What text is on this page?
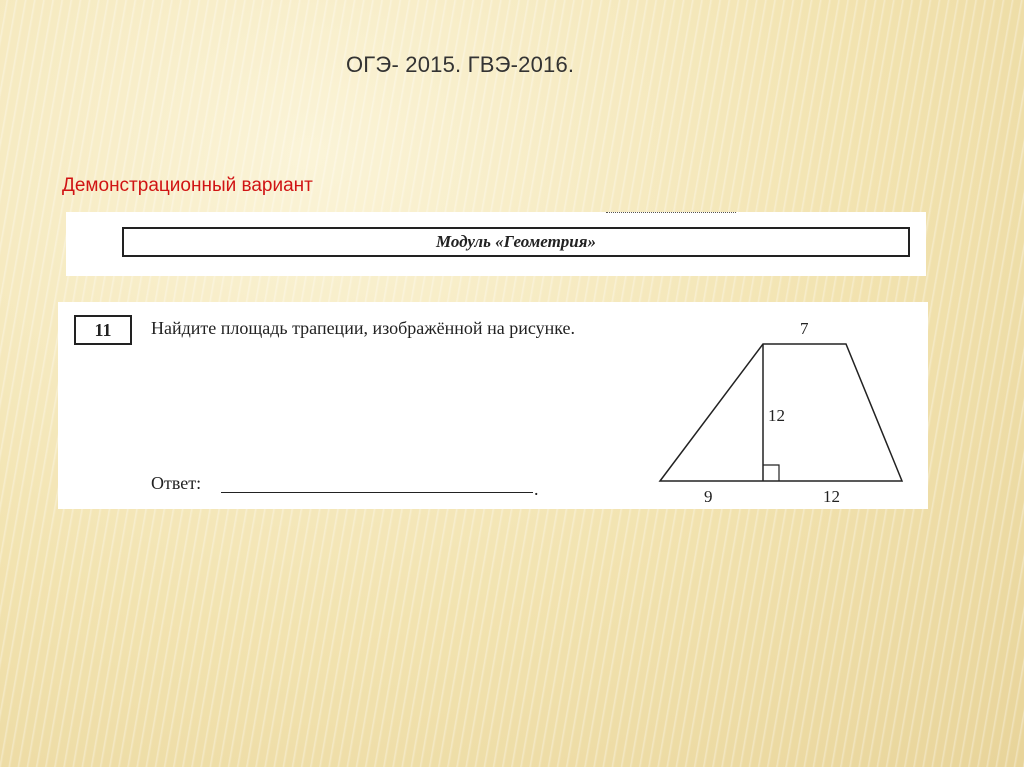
ОГЭ- 2015. ГВЭ-2016.
Демонстрационный вариант
Модуль «Геометрия»
11	Найдите площадь трапеции, изображённой на рисунке.
Ответ:	.
7
12
9	12
